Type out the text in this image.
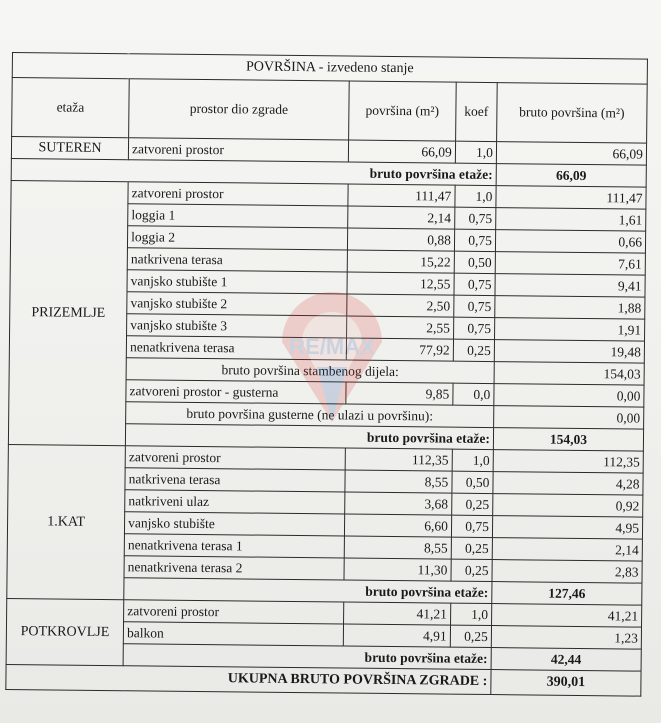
POVRŠINA - izvedeno stanje				
etaža	prostor dio zgrade	površina (m²)	koef	bruto površina (m²)
SUTEREN	zatvoreni prostor	66,09	1,0	66,09
bruto površina etaže:				66,09
PRIZEMLJE	zatvoreni prostor	111,47	1,0	111,47
	loggia 1	2,14	0,75	1,61
	loggia 2	0,88	0,75	0,66
	natkrivena terasa	15,22	0,50	7,61
	vanjsko stubište 1	12,55	0,75	9,41
	vanjsko stubište 2	2,50	0,75	1,88
	vanjsko stubište 3	2,55	0,75	1,91
	nenatkrivena terasa	77,92	0,25	19,48
	bruto površina stambenog dijela:			154,03
	zatvoreni prostor - gusterna	9,85	0,0	0,00
	bruto površina gusterne (ne ulazi u površinu):			0,00
	bruto površina etaže:			154,03
1.KAT	zatvoreni prostor	112,35	1,0	112,35
	natkrivena terasa	8,55	0,50	4,28
	natkriveni ulaz	3,68	0,25	0,92
	vanjsko stubište	6,60	0,75	4,95
	nenatkrivena terasa 1	8,55	0,25	2,14
	nenatkrivena terasa 2	11,30	0,25	2,83
	bruto površina etaže:			127,46
POTKROVLJE	zatvoreni prostor	41,21	1,0	41,21
	balkon	4,91	0,25	1,23
	bruto površina etaže:			42,44
UKUPNA BRUTO POVRŠINA ZGRADE :				390,01
RE/MAX
